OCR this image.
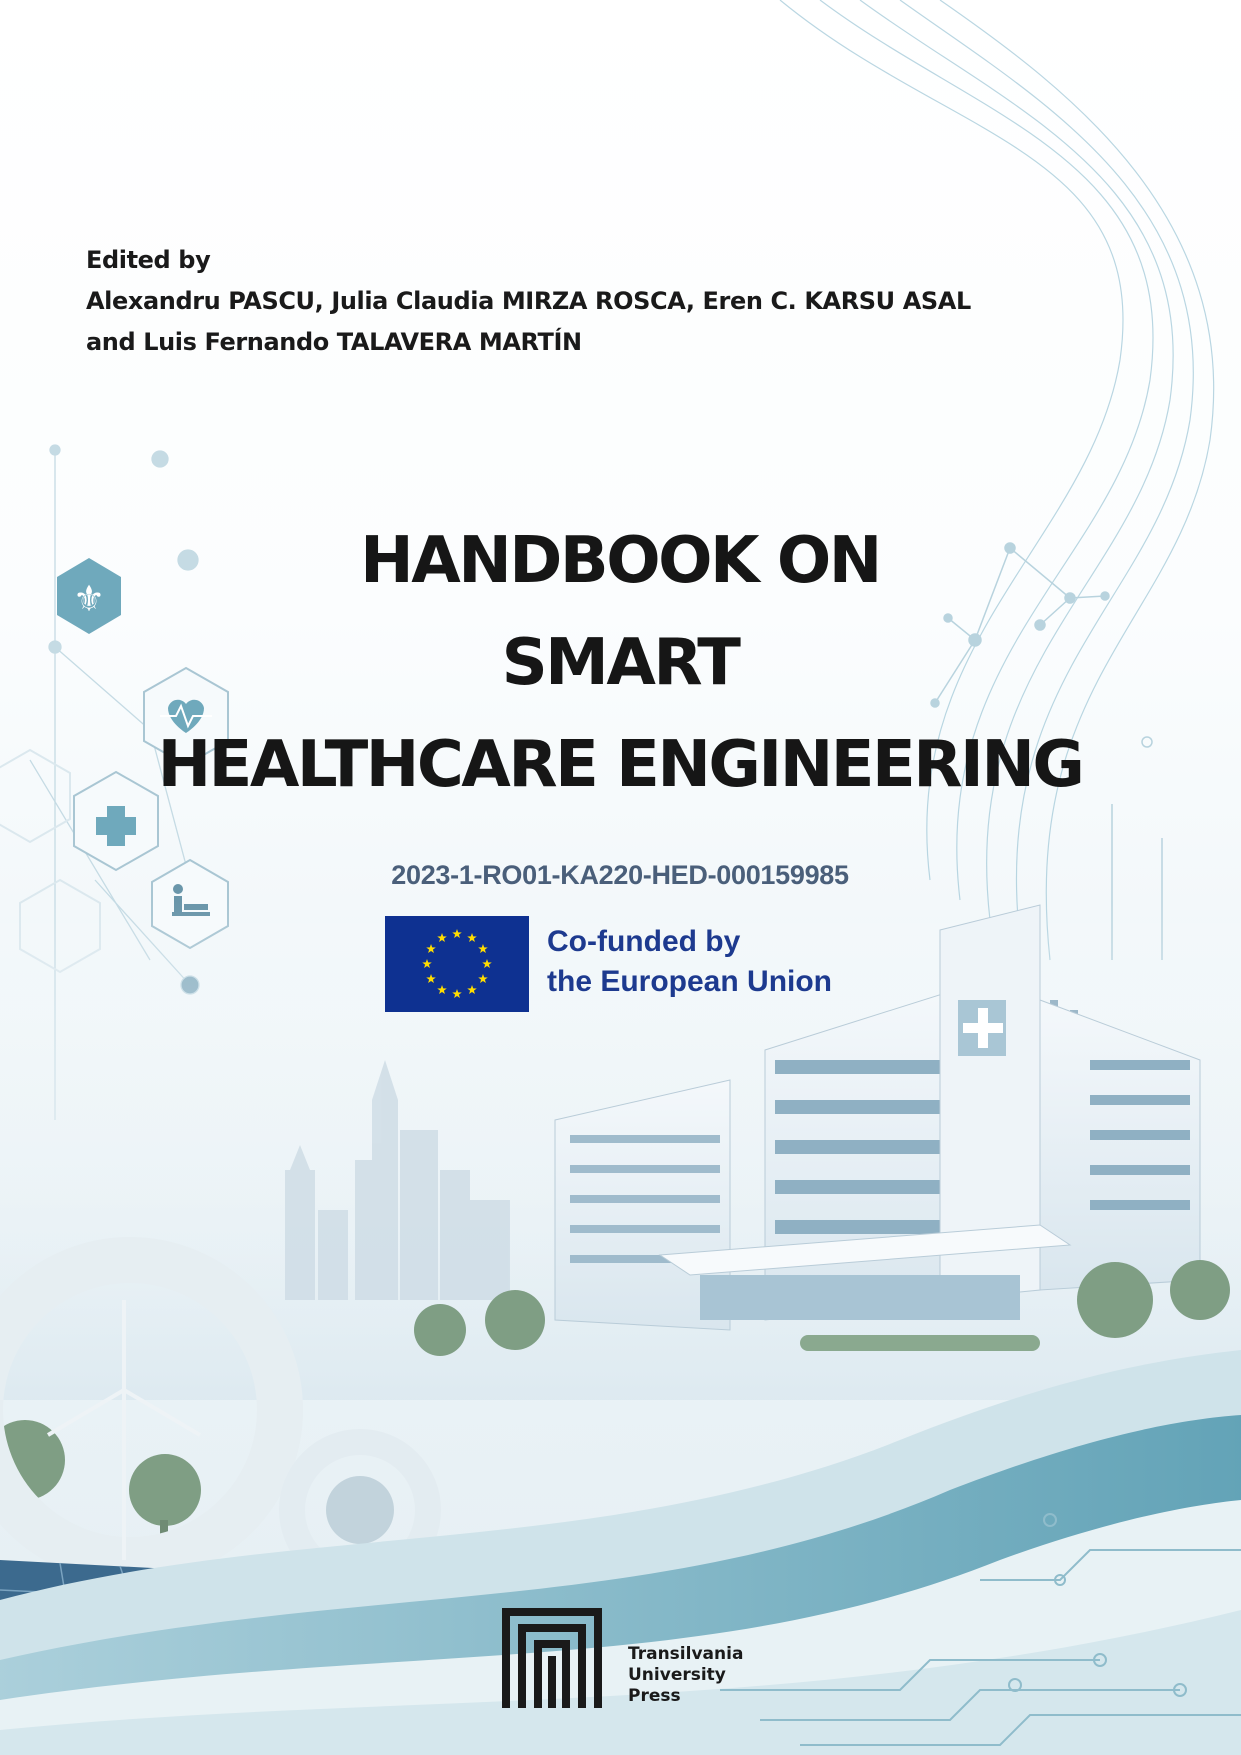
⚜
Edited by
Alexandru PASCU, Julia Claudia MIRZA ROSCA, Eren C. KARSU ASAL
and Luis Fernando TALAVERA MARTÍN
HANDBOOK ON
SMART
HEALTHCARE ENGINEERING
2023-1-RO01-KA220-HED-000159985
Co-funded by
the European Union
Transilvania
University
Press
